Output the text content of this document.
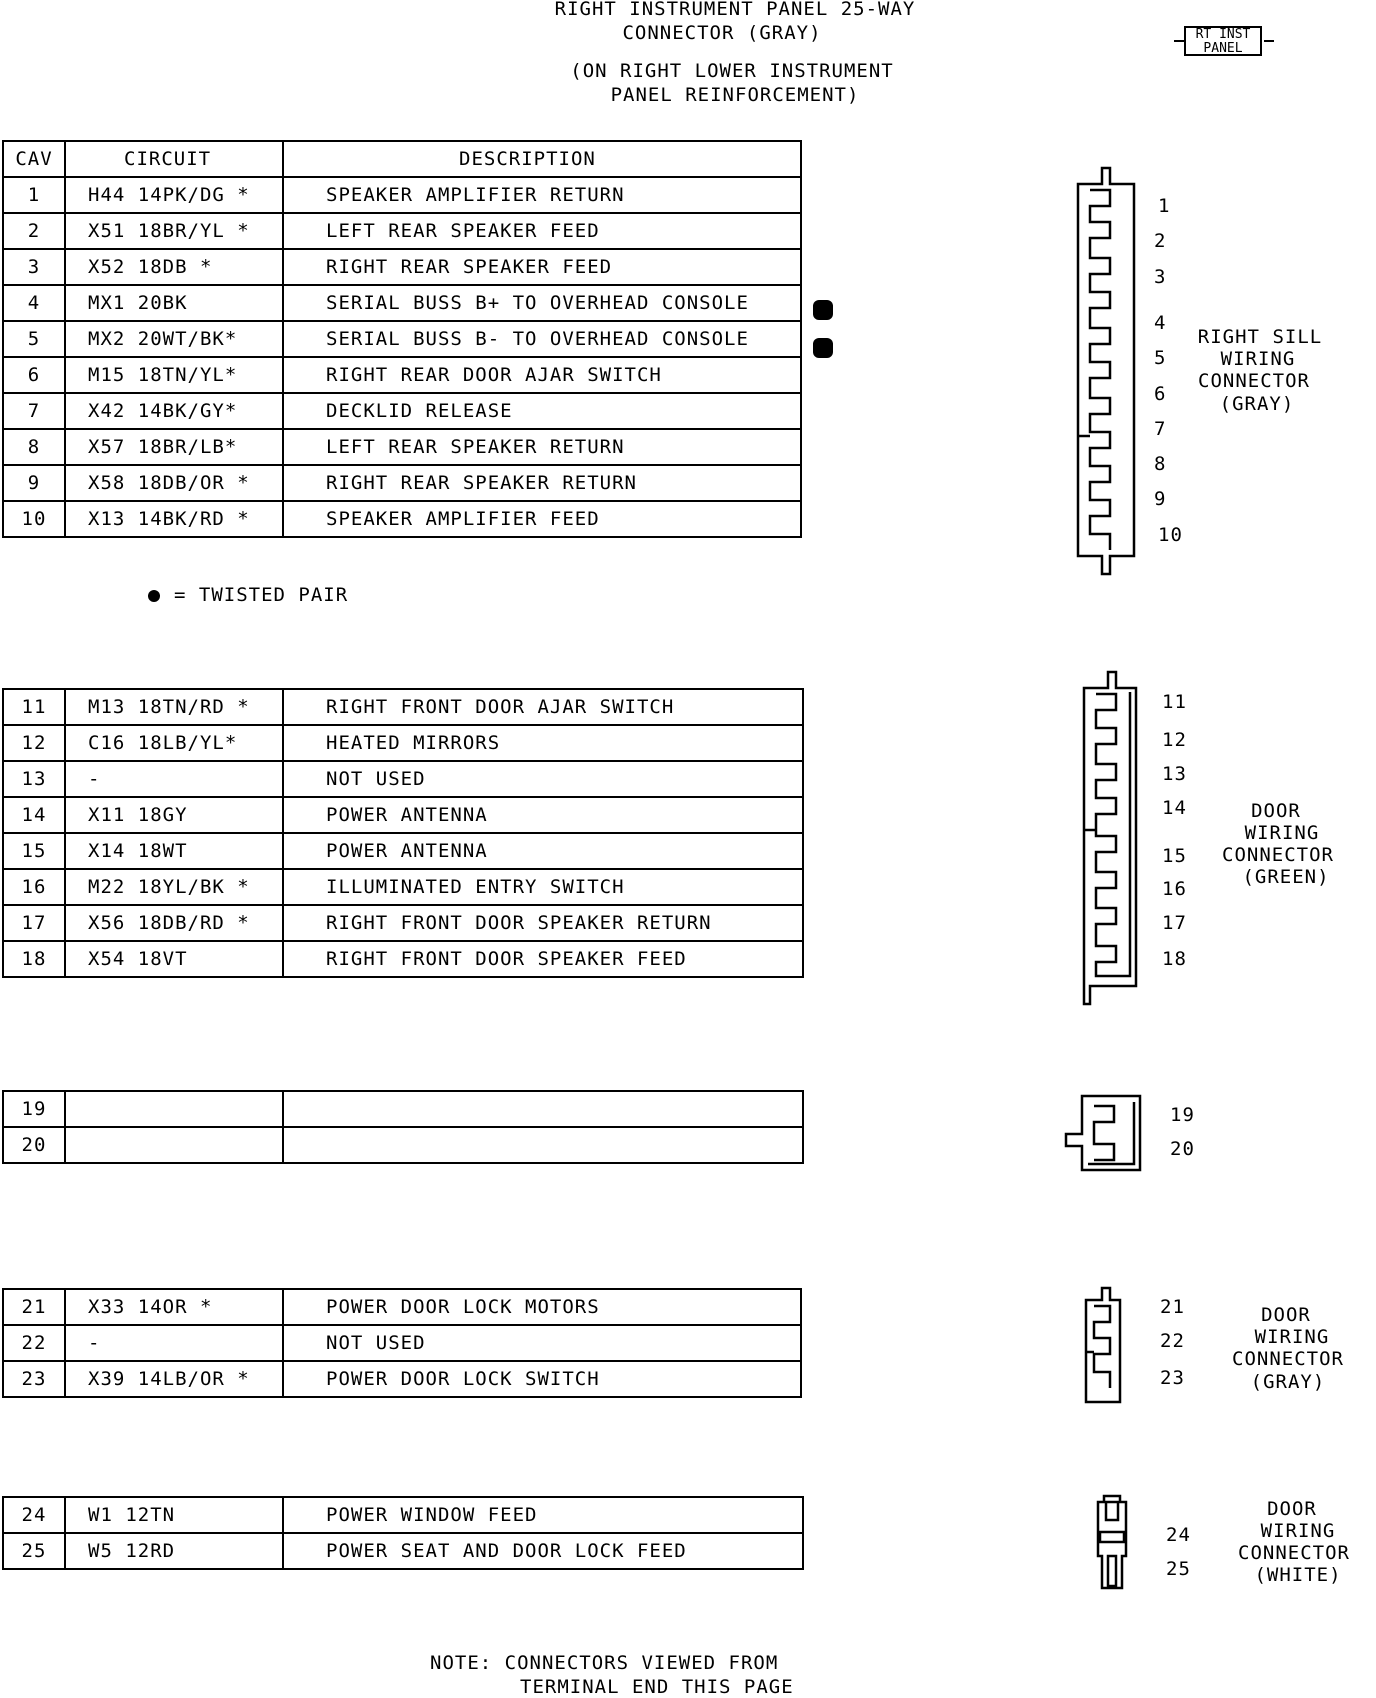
RIGHT INSTRUMENT PANEL 25-WAY
CONNECTOR (GRAY)
(ON RIGHT LOWER INSTRUMENT
PANEL REINFORCEMENT)
RT INST
PANEL
CAV	CIRCUIT	DESCRIPTION
1	H44 14PK/DG *	SPEAKER AMPLIFIER RETURN
2	X51 18BR/YL *	LEFT REAR SPEAKER FEED
3	X52 18DB *	RIGHT REAR SPEAKER FEED
4	MX1 20BK	SERIAL BUSS B+ TO OVERHEAD CONSOLE
5	MX2 20WT/BK*	SERIAL BUSS B- TO OVERHEAD CONSOLE
6	M15 18TN/YL*	RIGHT REAR DOOR AJAR SWITCH
7	X42 14BK/GY*	DECKLID RELEASE
8	X57 18BR/LB*	LEFT REAR SPEAKER RETURN
9	X58 18DB/OR *	RIGHT REAR SPEAKER RETURN
10	X13 14BK/RD *	SPEAKER AMPLIFIER FEED
= TWISTED PAIR
11	M13 18TN/RD *	RIGHT FRONT DOOR AJAR SWITCH
12	C16 18LB/YL*	HEATED MIRRORS
13	-	NOT USED
14	X11 18GY	POWER ANTENNA
15	X14 18WT	POWER ANTENNA
16	M22 18YL/BK *	ILLUMINATED ENTRY SWITCH
17	X56 18DB/RD *	RIGHT FRONT DOOR SPEAKER RETURN
18	X54 18VT	RIGHT FRONT DOOR SPEAKER FEED
19		
20		
21	X33 14OR *	POWER DOOR LOCK MOTORS
22	-	NOT USED
23	X39 14LB/OR *	POWER DOOR LOCK SWITCH
24	W1 12TN	POWER WINDOW FEED
25	W5 12RD	POWER SEAT AND DOOR LOCK FEED
1
2
3
4
5
6
7
8
9
10
RIGHT SILL
WIRING
CONNECTOR
(GRAY)
11
12
13
14
15
16
17
18
DOOR
WIRING
CONNECTOR
(GREEN)
19
20
21
22
23
DOOR
WIRING
CONNECTOR
(GRAY)
24
25
DOOR
WIRING
CONNECTOR
(WHITE)
NOTE: CONNECTORS VIEWED FROM
TERMINAL END THIS PAGE
